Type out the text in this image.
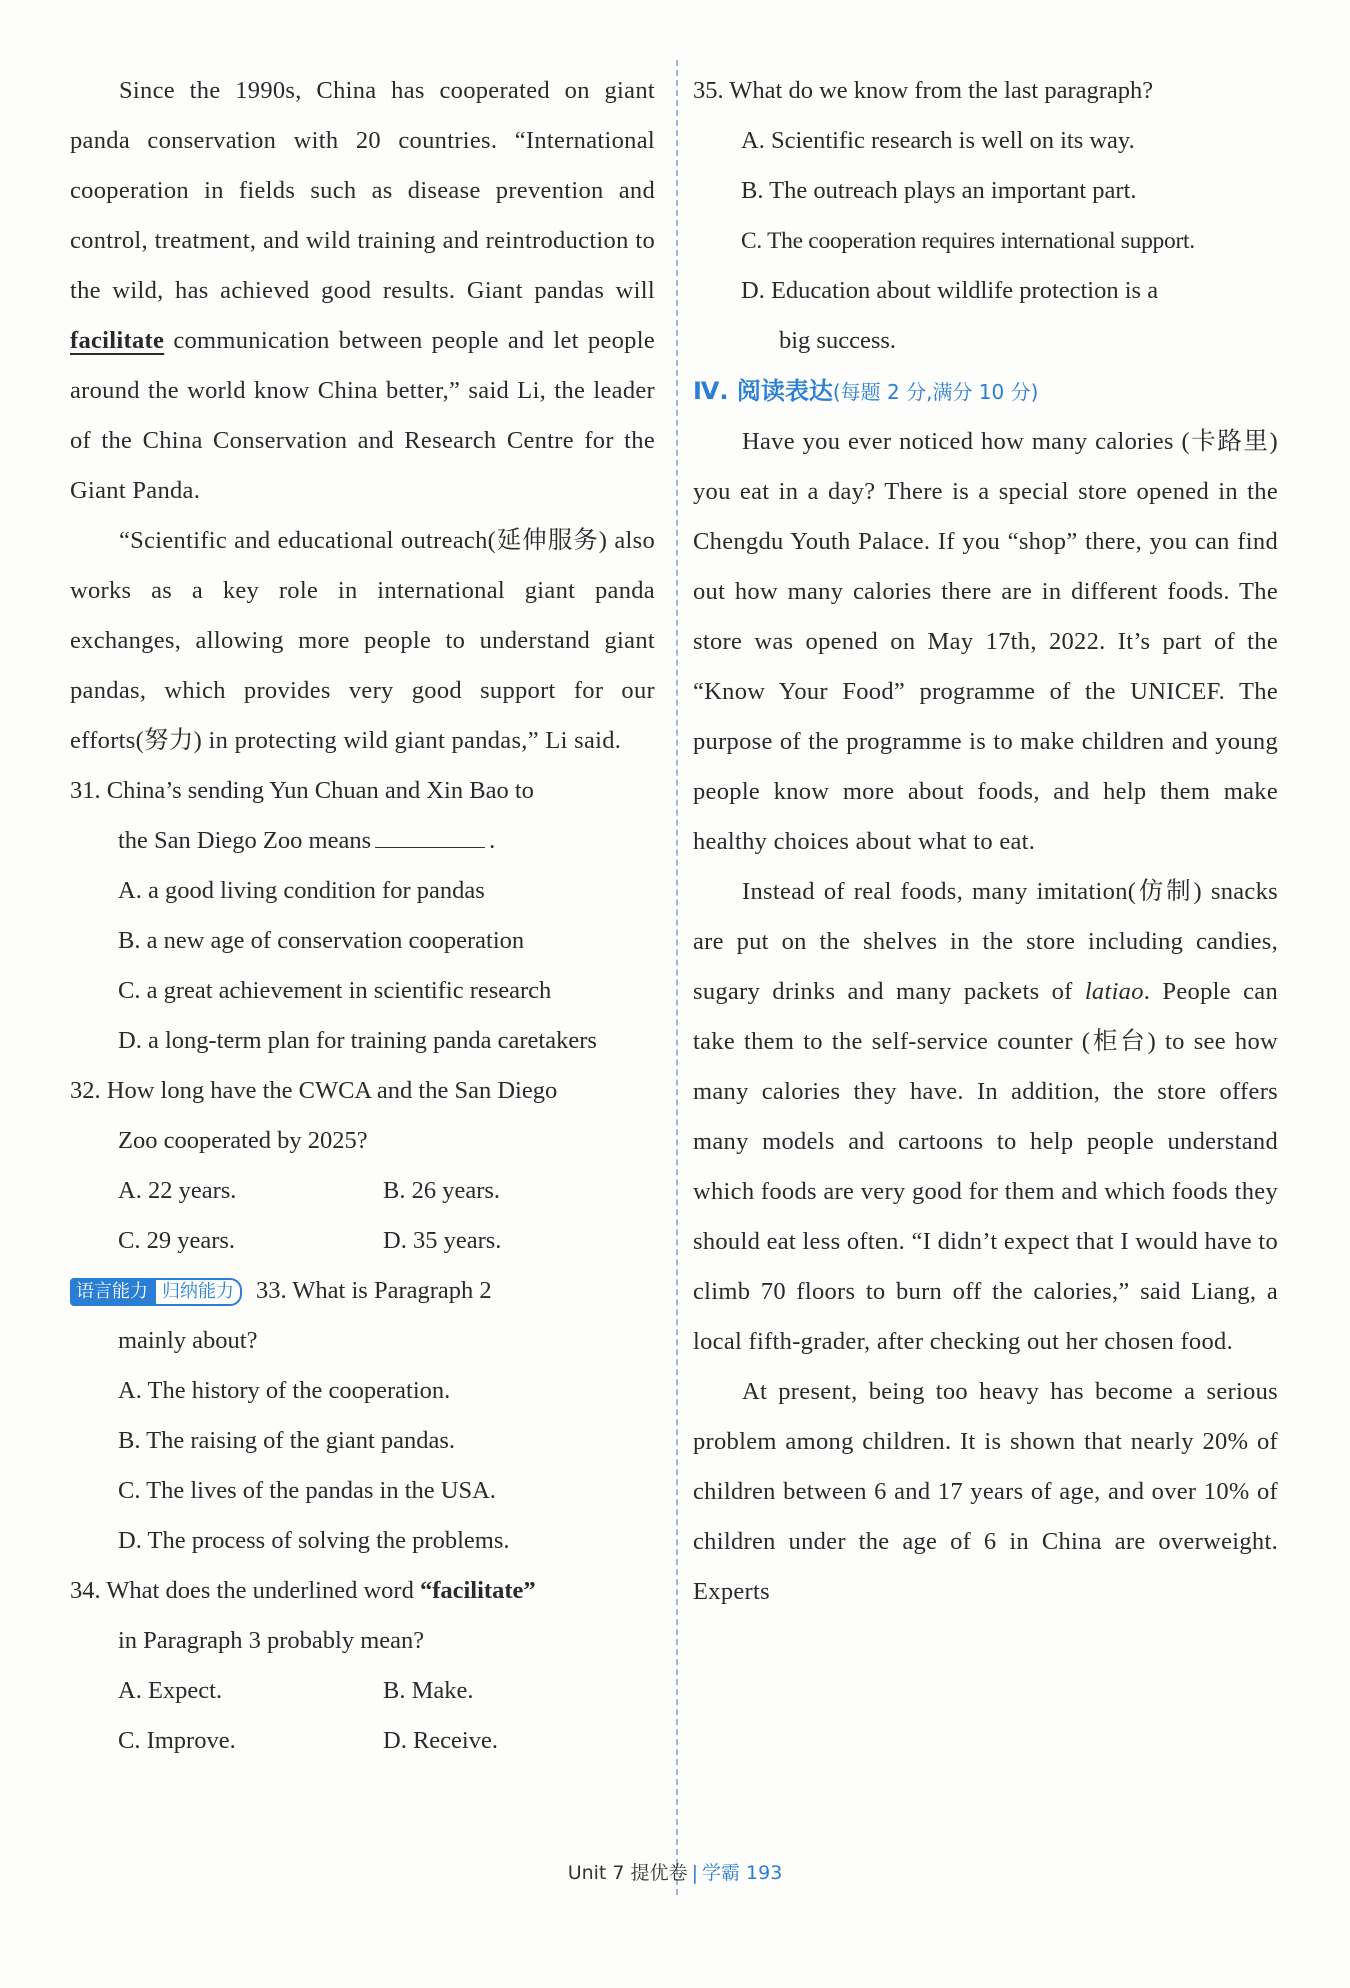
Since the 1990s, China has cooperated on giant panda conservation with 20 countries. “International cooperation in fields such as disease prevention and control, treatment, and wild training and reintroduction to the wild, has achieved good results. Giant pandas will facilitate communication between people and let people around the world know China better,” said Li, the leader of the China Conservation and Research Centre for the Giant Panda.

“Scientific and educational outreach(延伸服务) also works as a key role in international giant panda exchanges, allowing more people to understand giant pandas, which provides very good support for our efforts(努力) in protecting wild giant pandas,” Li said.

31. China’s sending Yun Chuan and Xin Bao to
the San Diego Zoo means	.
A. a good living condition for pandas
B. a new age of conservation cooperation
C. a great achievement in scientific research
D. a long-term plan for training panda caretakers
32. How long have the CWCA and the San Diego
Zoo cooperated by 2025?
A. 22 years.	B. 26 years.
C. 29 years.	D. 35 years.
语言能力 归纳能力 33. What is Paragraph 2
mainly about?
A. The history of the cooperation.
B. The raising of the giant pandas.
C. The lives of the pandas in the USA.
D. The process of solving the problems.
34. What does the underlined word “facilitate”
in Paragraph 3 probably mean?
A. Expect.	B. Make.
C. Improve.	D. Receive.
35. What do we know from the last paragraph?
A. Scientific research is well on its way.
B. The outreach plays an important part.
C. The cooperation requires international support.
D. Education about wildlife protection is a
big success.
Ⅳ. 阅读表达(每题 2 分,满分 10 分)

Have you ever noticed how many calories (卡路里) you eat in a day? There is a special store opened in the Chengdu Youth Palace. If you “shop” there, you can find out how many calories there are in different foods. The store was opened on May 17th, 2022. It’s part of the “Know Your Food” programme of the UNICEF. The purpose of the programme is to make children and young people know more about foods, and help them make healthy choices about what to eat.

Instead of real foods, many imitation(仿制) snacks are put on the shelves in the store including candies, sugary drinks and many packets of latiao. People can take them to the self-service counter (柜台) to see how many calories they have. In addition, the store offers many models and cartoons to help people understand which foods are very good for them and which foods they should eat less often. “I didn’t expect that I would have to climb 70 floors to burn off the calories,” said Liang, a local fifth-grader, after checking out her chosen food.

At present, being too heavy has become a serious problem among children. It is shown that nearly 20% of children between 6 and 17 years of age, and over 10% of children under the age of 6 in China are overweight. Experts

Unit 7 提优卷 | 学霸 193
